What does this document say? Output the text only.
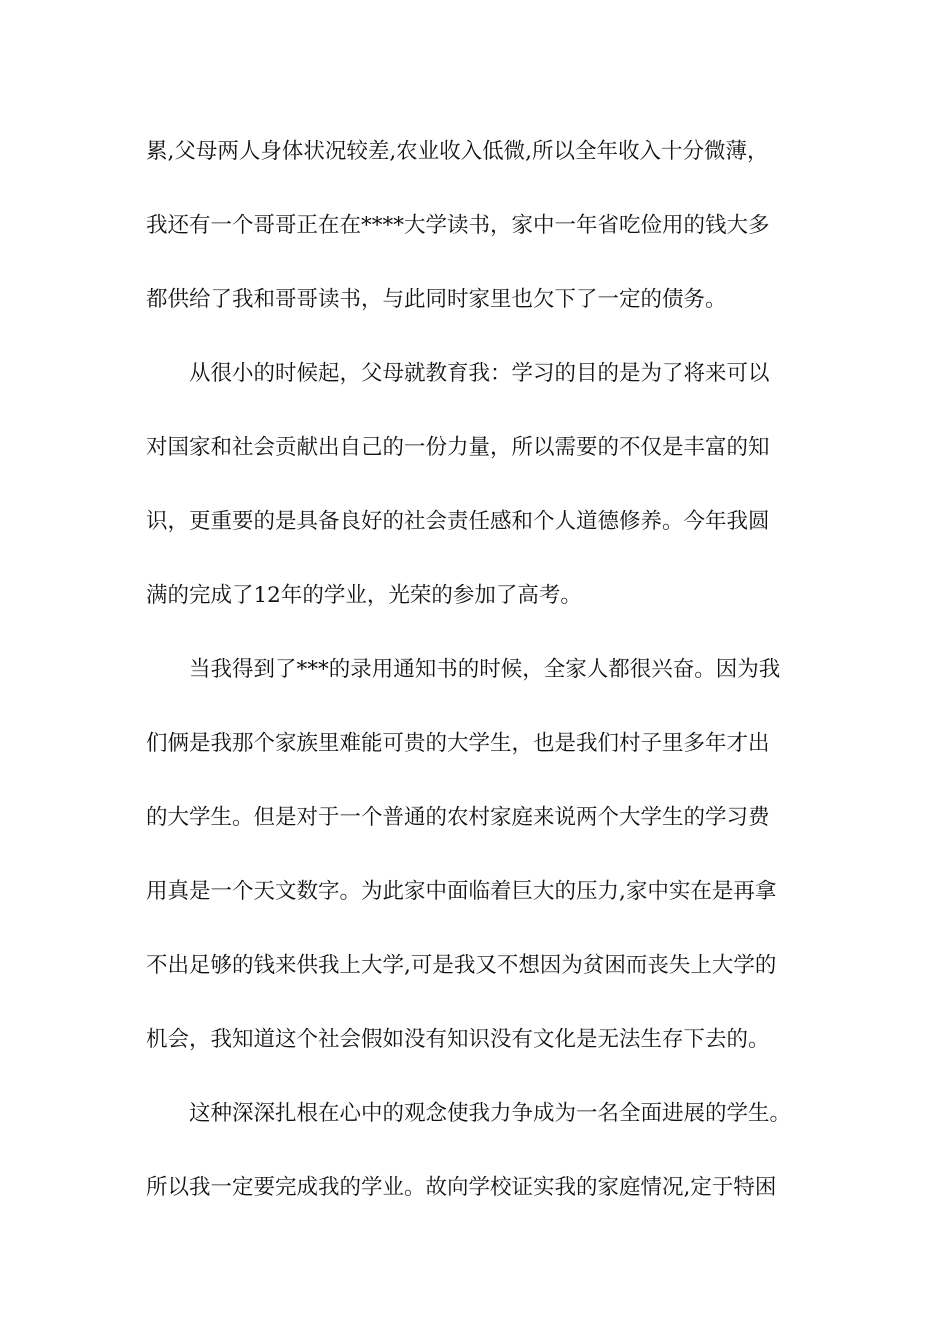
累,父母两人身体状况较差,农业收入低微,所以全年收入十分微薄，
我还有一个哥哥正在在****大学读书，家中一年省吃俭用的钱大多
都供给了我和哥哥读书，与此同时家里也欠下了一定的债务。
从很小的时候起，父母就教育我：学习的目的是为了将来可以
对国家和社会贡献出自己的一份力量，所以需要的不仅是丰富的知
识，更重要的是具备良好的社会责任感和个人道德修养。今年我圆
满的完成了12年的学业，光荣的参加了高考。
当我得到了***的录用通知书的时候，全家人都很兴奋。因为我
们俩是我那个家族里难能可贵的大学生，也是我们村子里多年才出
的大学生。但是对于一个普通的农村家庭来说两个大学生的学习费
用真是一个天文数字。为此家中面临着巨大的压力,家中实在是再拿
不出足够的钱来供我上大学,可是我又不想因为贫困而丧失上大学的
机会，我知道这个社会假如没有知识没有文化是无法生存下去的。
这种深深扎根在心中的观念使我力争成为一名全面进展的学生。
所以我一定要完成我的学业。故向学校证实我的家庭情况,定于特困
